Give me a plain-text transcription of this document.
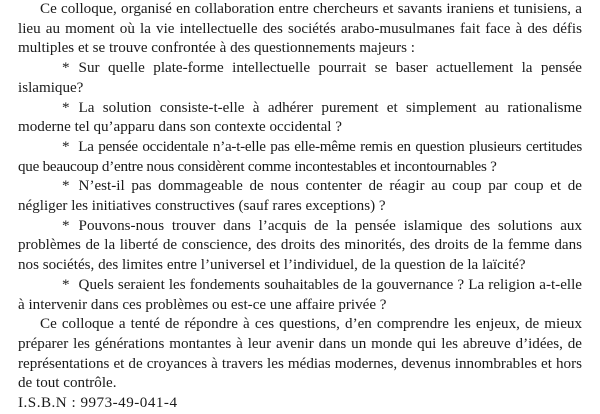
Ce colloque, organisé en collaboration entre chercheurs et savants iraniens et tunisiens, a lieu au moment où la vie intellectuelle des sociétés arabo-musulmanes fait face à des défis multiples et se trouve confrontée à des questionnements majeurs :

* Sur quelle plate-forme intellectuelle pourrait se baser actuellement la pensée islamique?

* La solution consiste-t-elle à adhérer purement et simplement au rationalisme moderne tel qu’apparu dans son contexte occidental ?

* La pensée occidentale n’a-t-elle pas elle-même remis en question plusieurs certitudes que beaucoup d’entre nous considèrent comme incontestables et incontournables ?

* N’est-il pas dommageable de nous contenter de réagir au coup par coup et de négliger les initiatives constructives (sauf rares exceptions) ?

* Pouvons-nous trouver dans l’acquis de la pensée islamique des solutions aux problèmes de la liberté de conscience, des droits des minorités, des droits de la femme dans nos sociétés, des limites entre l’universel et l’individuel, de la question de la laïcité?

* Quels seraient les fondements souhaitables de la gouvernance ? La religion a-t-elle à intervenir dans ces problèmes ou est-ce une affaire privée ?

Ce colloque a tenté de répondre à ces questions, d’en comprendre les enjeux, de mieux préparer les générations montantes à leur avenir dans un monde qui les abreuve d’idées, de représentations et de croyances à travers les médias modernes, devenus innombrables et hors de tout contrôle.

I.S.B.N : 9973-49-041-4
